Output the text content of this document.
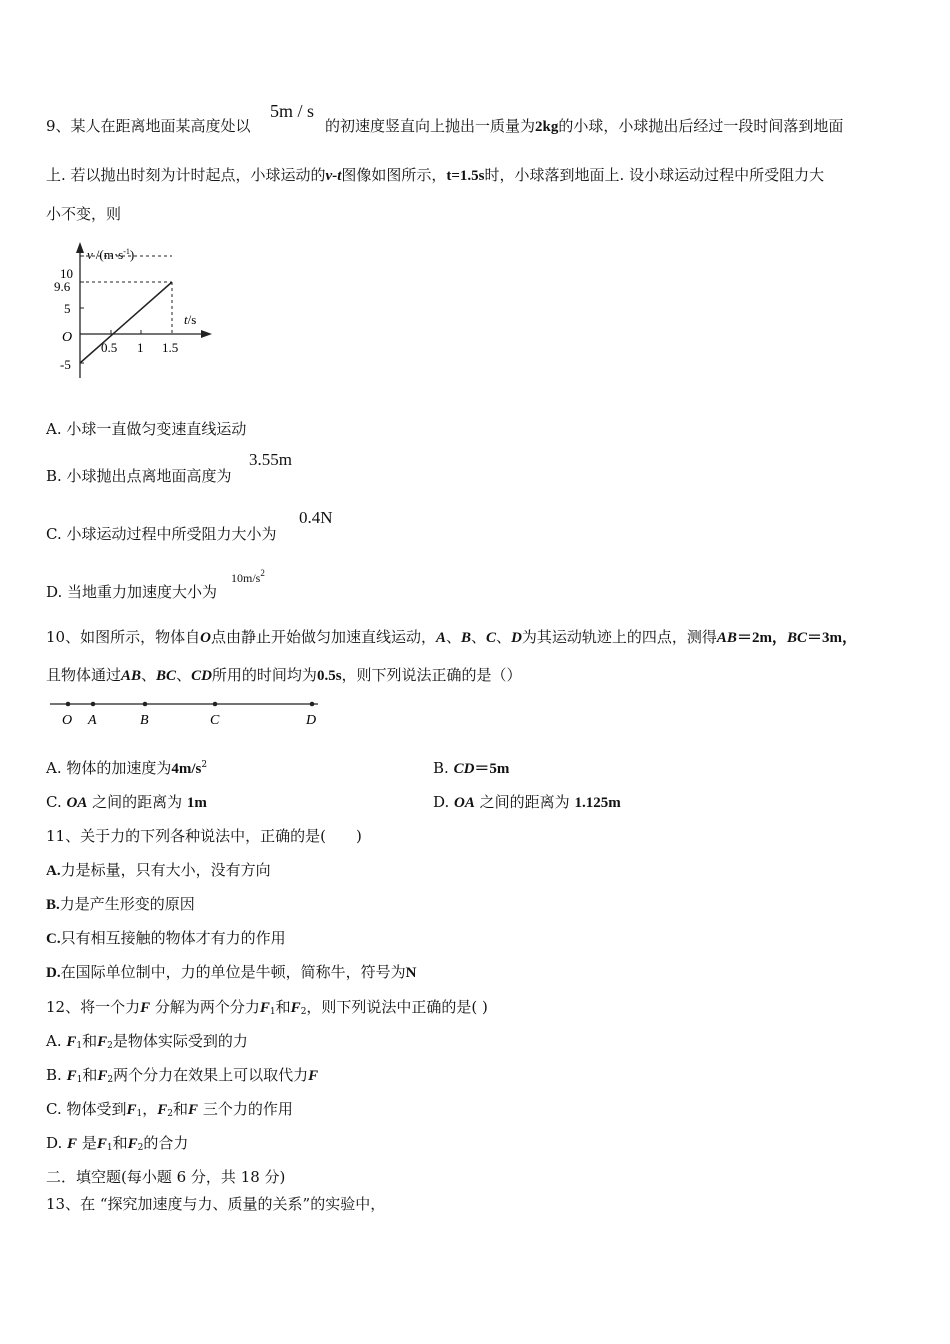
9、某人在距离地面某高度处以
5m / s
的初速度竖直向上抛出一质量为2kg的小球，小球抛出后经过一段时间落到地面
上. 若以抛出时刻为计时起点，小球运动的v-t图像如图所示，t=1.5s时，小球落到地面上. 设小球运动过程中所受阻力大
小不变，则
v $/(m\cdot s^{-1})$
10
9.6
5
O
-5
0.5 1 1.5
t/s
A. 小球一直做匀变速直线运动
B. 小球抛出点离地面高度为
3.55m
C. 小球运动过程中所受阻力大小为
0.4N
D. 当地重力加速度大小为
$10m/s^2$
10、如图所示，物体自O点由静止开始做匀加速直线运动，A、B、C、D为其运动轨迹上的四点，测得AB＝2m，BC＝3m，
且物体通过AB、BC、CD所用的时间均为0.5s，则下列说法正确的是（）
O A	B	C	D
A. 物体的加速度为$4m/s^2$	B. CD＝5m
C. OA 之间的距离为 1m	D. OA 之间的距离为 1.125m
11、关于力的下列各种说法中，正确的是(　　)
A.力是标量，只有大小，没有方向
B.力是产生形变的原因
C.只有相互接触的物体才有力的作用
D.在国际单位制中，力的单位是牛顿，简称牛，符号为N
12、将一个力F 分解为两个分力$F_1$和$F_2$，则下列说法中正确的是( )
A. $F_1$和$F_2$是物体实际受到的力
B. $F_1$和$F_2$两个分力在效果上可以取代力F
C. 物体受到$F_1$，$F_2$和F 三个力的作用
D. F 是$F_1$和$F_2$的合力
二．填空题(每小题 6 分，共 18 分)
13、在 “探究加速度与力、质量的关系”的实验中，
